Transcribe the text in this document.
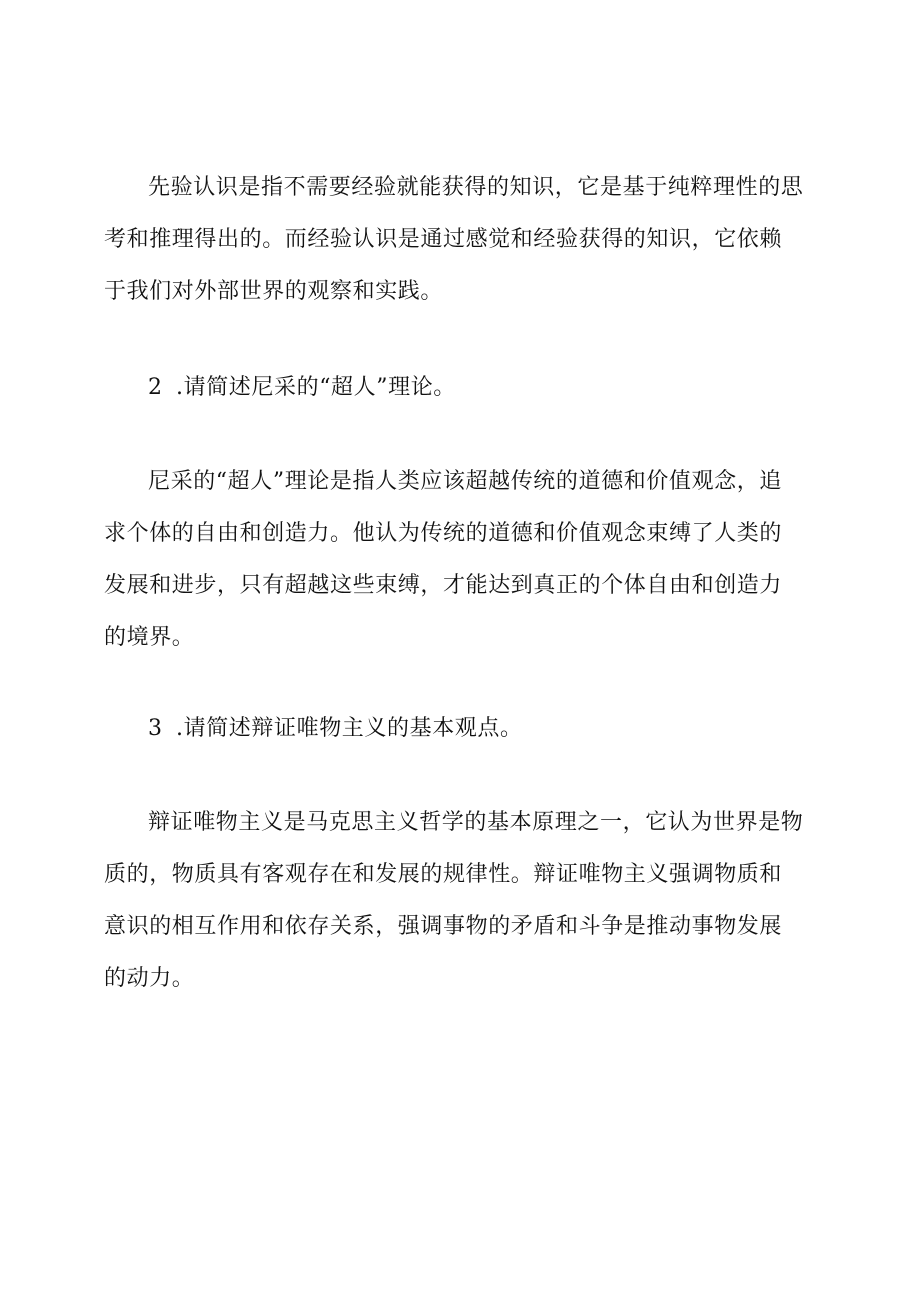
先验认识是指不需要经验就能获得的知识，它是基于纯粹理性的思考和推理得出的。而经验认识是通过感觉和经验获得的知识，它依赖于我们对外部世界的观察和实践。

2 .请简述尼采的“超人”理论。

尼采的“超人”理论是指人类应该超越传统的道德和价值观念，追求个体的自由和创造力。他认为传统的道德和价值观念束缚了人类的发展和进步，只有超越这些束缚，才能达到真正的个体自由和创造力的境界。

3 .请简述辩证唯物主义的基本观点。

辩证唯物主义是马克思主义哲学的基本原理之一，它认为世界是物质的，物质具有客观存在和发展的规律性。辩证唯物主义强调物质和意识的相互作用和依存关系，强调事物的矛盾和斗争是推动事物发展的动力。
